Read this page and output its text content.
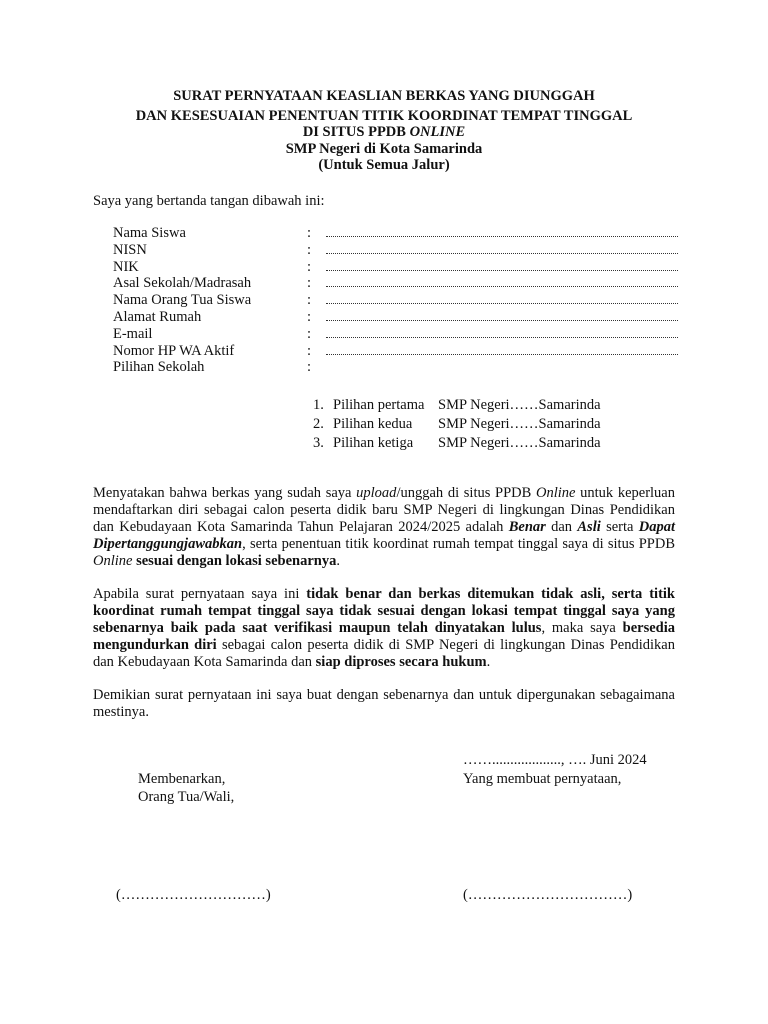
SURAT PERNYATAAN KEASLIAN BERKAS YANG DIUNGGAH
DAN KESESUAIAN PENENTUAN TITIK KOORDINAT TEMPAT TINGGAL
DI SITUS PPDB ONLINE
SMP Negeri di Kota Samarinda
(Untuk Semua Jalur)
Saya yang bertanda tangan dibawah ini:
Nama Siswa	:
NISN	:
NIK	:
Asal Sekolah/Madrasah	:
Nama Orang Tua Siswa	:
Alamat Rumah	:
E-mail	:
Nomor HP WA Aktif	:
Pilihan Sekolah	:
1. Pilihan pertama SMP Negeri……Samarinda
2. Pilihan kedua SMP Negeri……Samarinda
3. Pilihan ketiga SMP Negeri……Samarinda
Menyatakan bahwa berkas yang sudah saya upload/unggah di situs PPDB Online untuk keperluan mendaftarkan diri sebagai calon peserta didik baru SMP Negeri di lingkungan Dinas Pendidikan dan Kebudayaan Kota Samarinda Tahun Pelajaran 2024/2025 adalah Benar dan Asli serta Dapat Dipertanggungjawabkan, serta penentuan titik koordinat rumah tempat tinggal saya di situs PPDB Online sesuai dengan lokasi sebenarnya.
Apabila surat pernyataan saya ini tidak benar dan berkas ditemukan tidak asli, serta titik koordinat rumah tempat tinggal saya tidak sesuai dengan lokasi tempat tinggal saya yang sebenarnya baik pada saat verifikasi maupun telah dinyatakan lulus, maka saya bersedia mengundurkan diri sebagai calon peserta didik di SMP Negeri di lingkungan Dinas Pendidikan dan Kebudayaan Kota Samarinda dan siap diproses secara hukum.
Demikian surat pernyataan ini saya buat dengan sebenarnya dan untuk dipergunakan sebagaimana mestinya.
……..................., …. Juni 2024
Membenarkan,
Orang Tua/Wali,
Yang membuat pernyataan,
(…………………………)	(……………………………)
